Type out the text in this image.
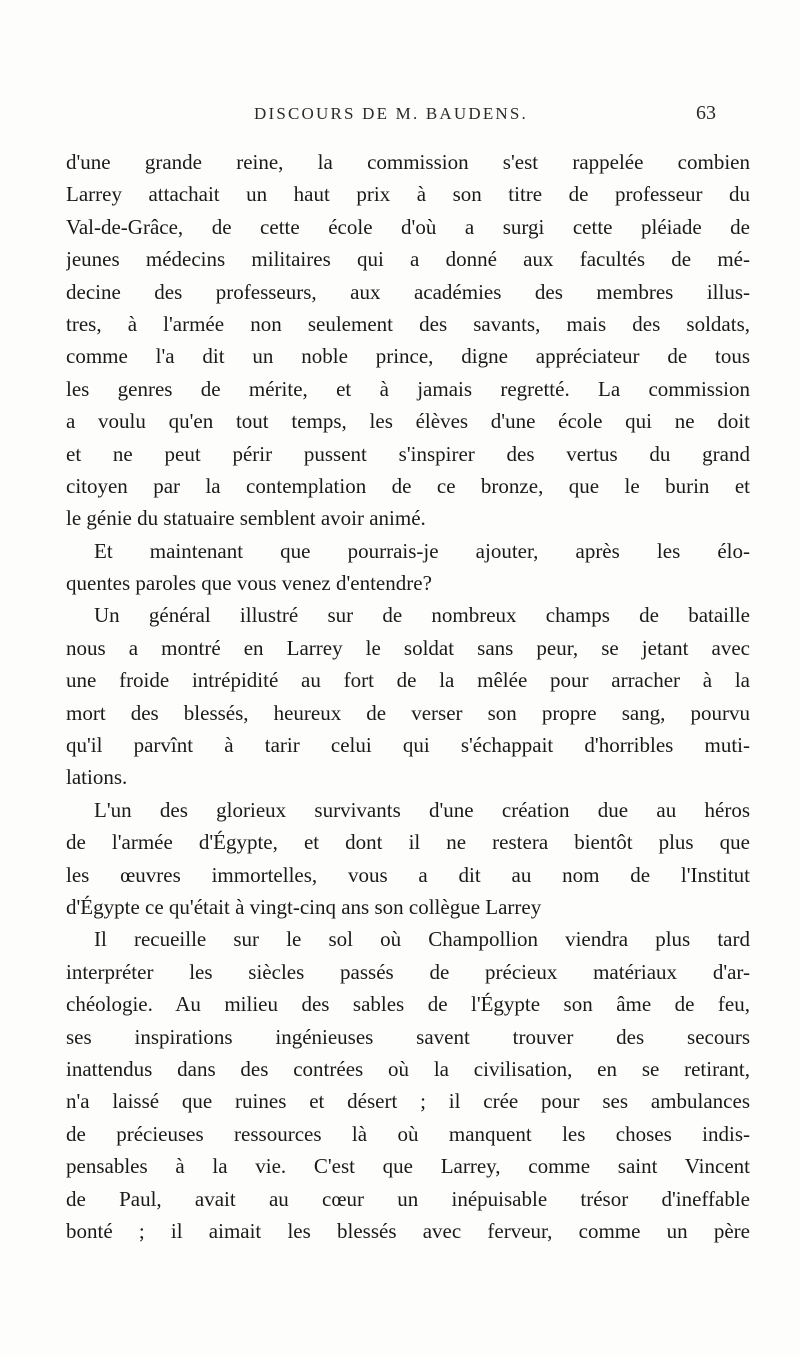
DISCOURS DE M. BAUDENS.	63
d'une grande reine, la commission s'est rappelée combien
Larrey attachait un haut prix à son titre de professeur du
Val-de-Grâce, de cette école d'où a surgi cette pléiade de
jeunes médecins militaires qui a donné aux facultés de mé-
decine des professeurs, aux académies des membres illus-
tres, à l'armée non seulement des savants, mais des soldats,
comme l'a dit un noble prince, digne appréciateur de tous
les genres de mérite, et à jamais regretté. La commission
a voulu qu'en tout temps, les élèves d'une école qui ne doit
et ne peut périr pussent s'inspirer des vertus du grand
citoyen par la contemplation de ce bronze, que le burin et
le génie du statuaire semblent avoir animé.
Et maintenant que pourrais-je ajouter, après les élo-
quentes paroles que vous venez d'entendre?
Un général illustré sur de nombreux champs de bataille
nous a montré en Larrey le soldat sans peur, se jetant avec
une froide intrépidité au fort de la mêlée pour arracher à la
mort des blessés, heureux de verser son propre sang, pourvu
qu'il parvînt à tarir celui qui s'échappait d'horribles muti-
lations.
L'un des glorieux survivants d'une création due au héros
de l'armée d'Égypte, et dont il ne restera bientôt plus que
les œuvres immortelles, vous a dit au nom de l'Institut
d'Égypte ce qu'était à vingt-cinq ans son collègue Larrey
Il recueille sur le sol où Champollion viendra plus tard
interpréter les siècles passés de précieux matériaux d'ar-
chéologie. Au milieu des sables de l'Égypte son âme de feu,
ses inspirations ingénieuses savent trouver des secours
inattendus dans des contrées où la civilisation, en se retirant,
n'a laissé que ruines et désert ; il crée pour ses ambulances
de précieuses ressources là où manquent les choses indis-
pensables à la vie. C'est que Larrey, comme saint Vincent
de Paul, avait au cœur un inépuisable trésor d'ineffable
bonté ; il aimait les blessés avec ferveur, comme un père
